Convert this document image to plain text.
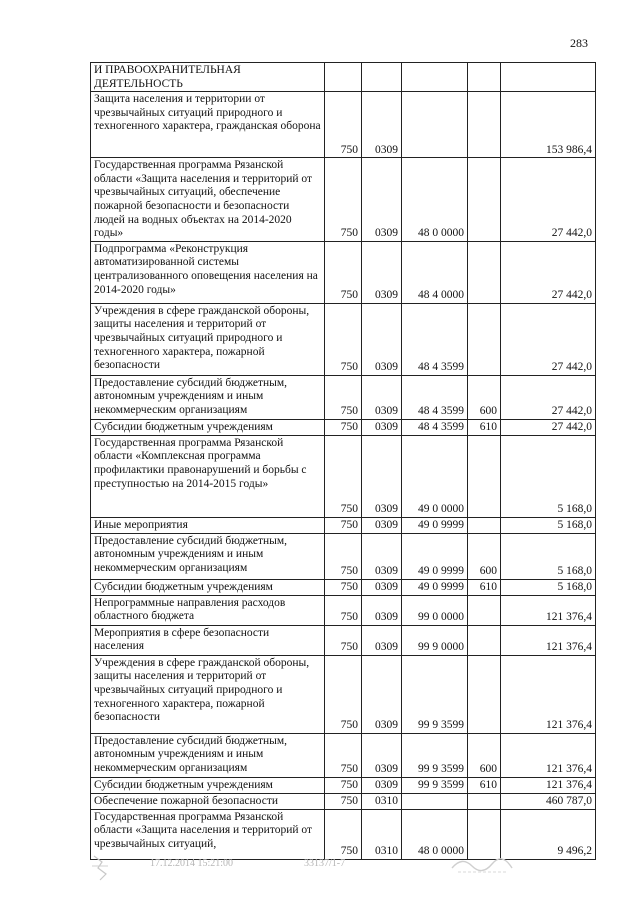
283
И ПРАВООХРАНИТЕЛЬНАЯ ДЕЯТЕЛЬНОСТЬ					
Защита населения и территории от чрезвычайных ситуаций природного и техногенного характера, гражданская оборона	750	0309			153 986,4
Государственная программа Рязанской области «Защита населения и территорий от чрезвычайных ситуаций, обеспечение пожарной безопасности и безопасности людей на водных объектах на 2014-2020 годы»	750	0309	48 0 0000		27 442,0
Подпрограмма «Реконструкция автоматизированной системы централизованного оповещения населения на 2014-2020 годы»	750	0309	48 4 0000		27 442,0
Учреждения в сфере гражданской обороны, защиты населения и территорий от чрезвычайных ситуаций природного и техногенного характера, пожарной безопасности	750	0309	48 4 3599		27 442,0
Предоставление субсидий бюджетным, автономным учреждениям и иным некоммерческим организациям	750	0309	48 4 3599	600	27 442,0
Субсидии бюджетным учреждениям	750	0309	48 4 3599	610	27 442,0
Государственная программа Рязанской области «Комплексная программа профилактики правонарушений и борьбы с преступностью на 2014-2015 годы»	750	0309	49 0 0000		5 168,0
Иные мероприятия	750	0309	49 0 9999		5 168,0
Предоставление субсидий бюджетным, автономным учреждениям и иным некоммерческим организациям	750	0309	49 0 9999	600	5 168,0
Субсидии бюджетным учреждениям	750	0309	49 0 9999	610	5 168,0
Непрограммные направления расходов областного бюджета	750	0309	99 0 0000		121 376,4
Мероприятия в сфере безопасности населения	750	0309	99 9 0000		121 376,4
Учреждения в сфере гражданской обороны, защиты населения и территорий от чрезвычайных ситуаций природного и техногенного характера, пожарной безопасности	750	0309	99 9 3599		121 376,4
Предоставление субсидий бюджетным, автономным учреждениям и иным некоммерческим организациям	750	0309	99 9 3599	600	121 376,4
Субсидии бюджетным учреждениям	750	0309	99 9 3599	610	121 376,4
Обеспечение пожарной безопасности	750	0310			460 787,0
Государственная программа Рязанской области «Защита населения и территорий от чрезвычайных ситуаций,	750	0310	48 0 0000		9 496,2
17.12.2014 15:21:00	33137/1-7
